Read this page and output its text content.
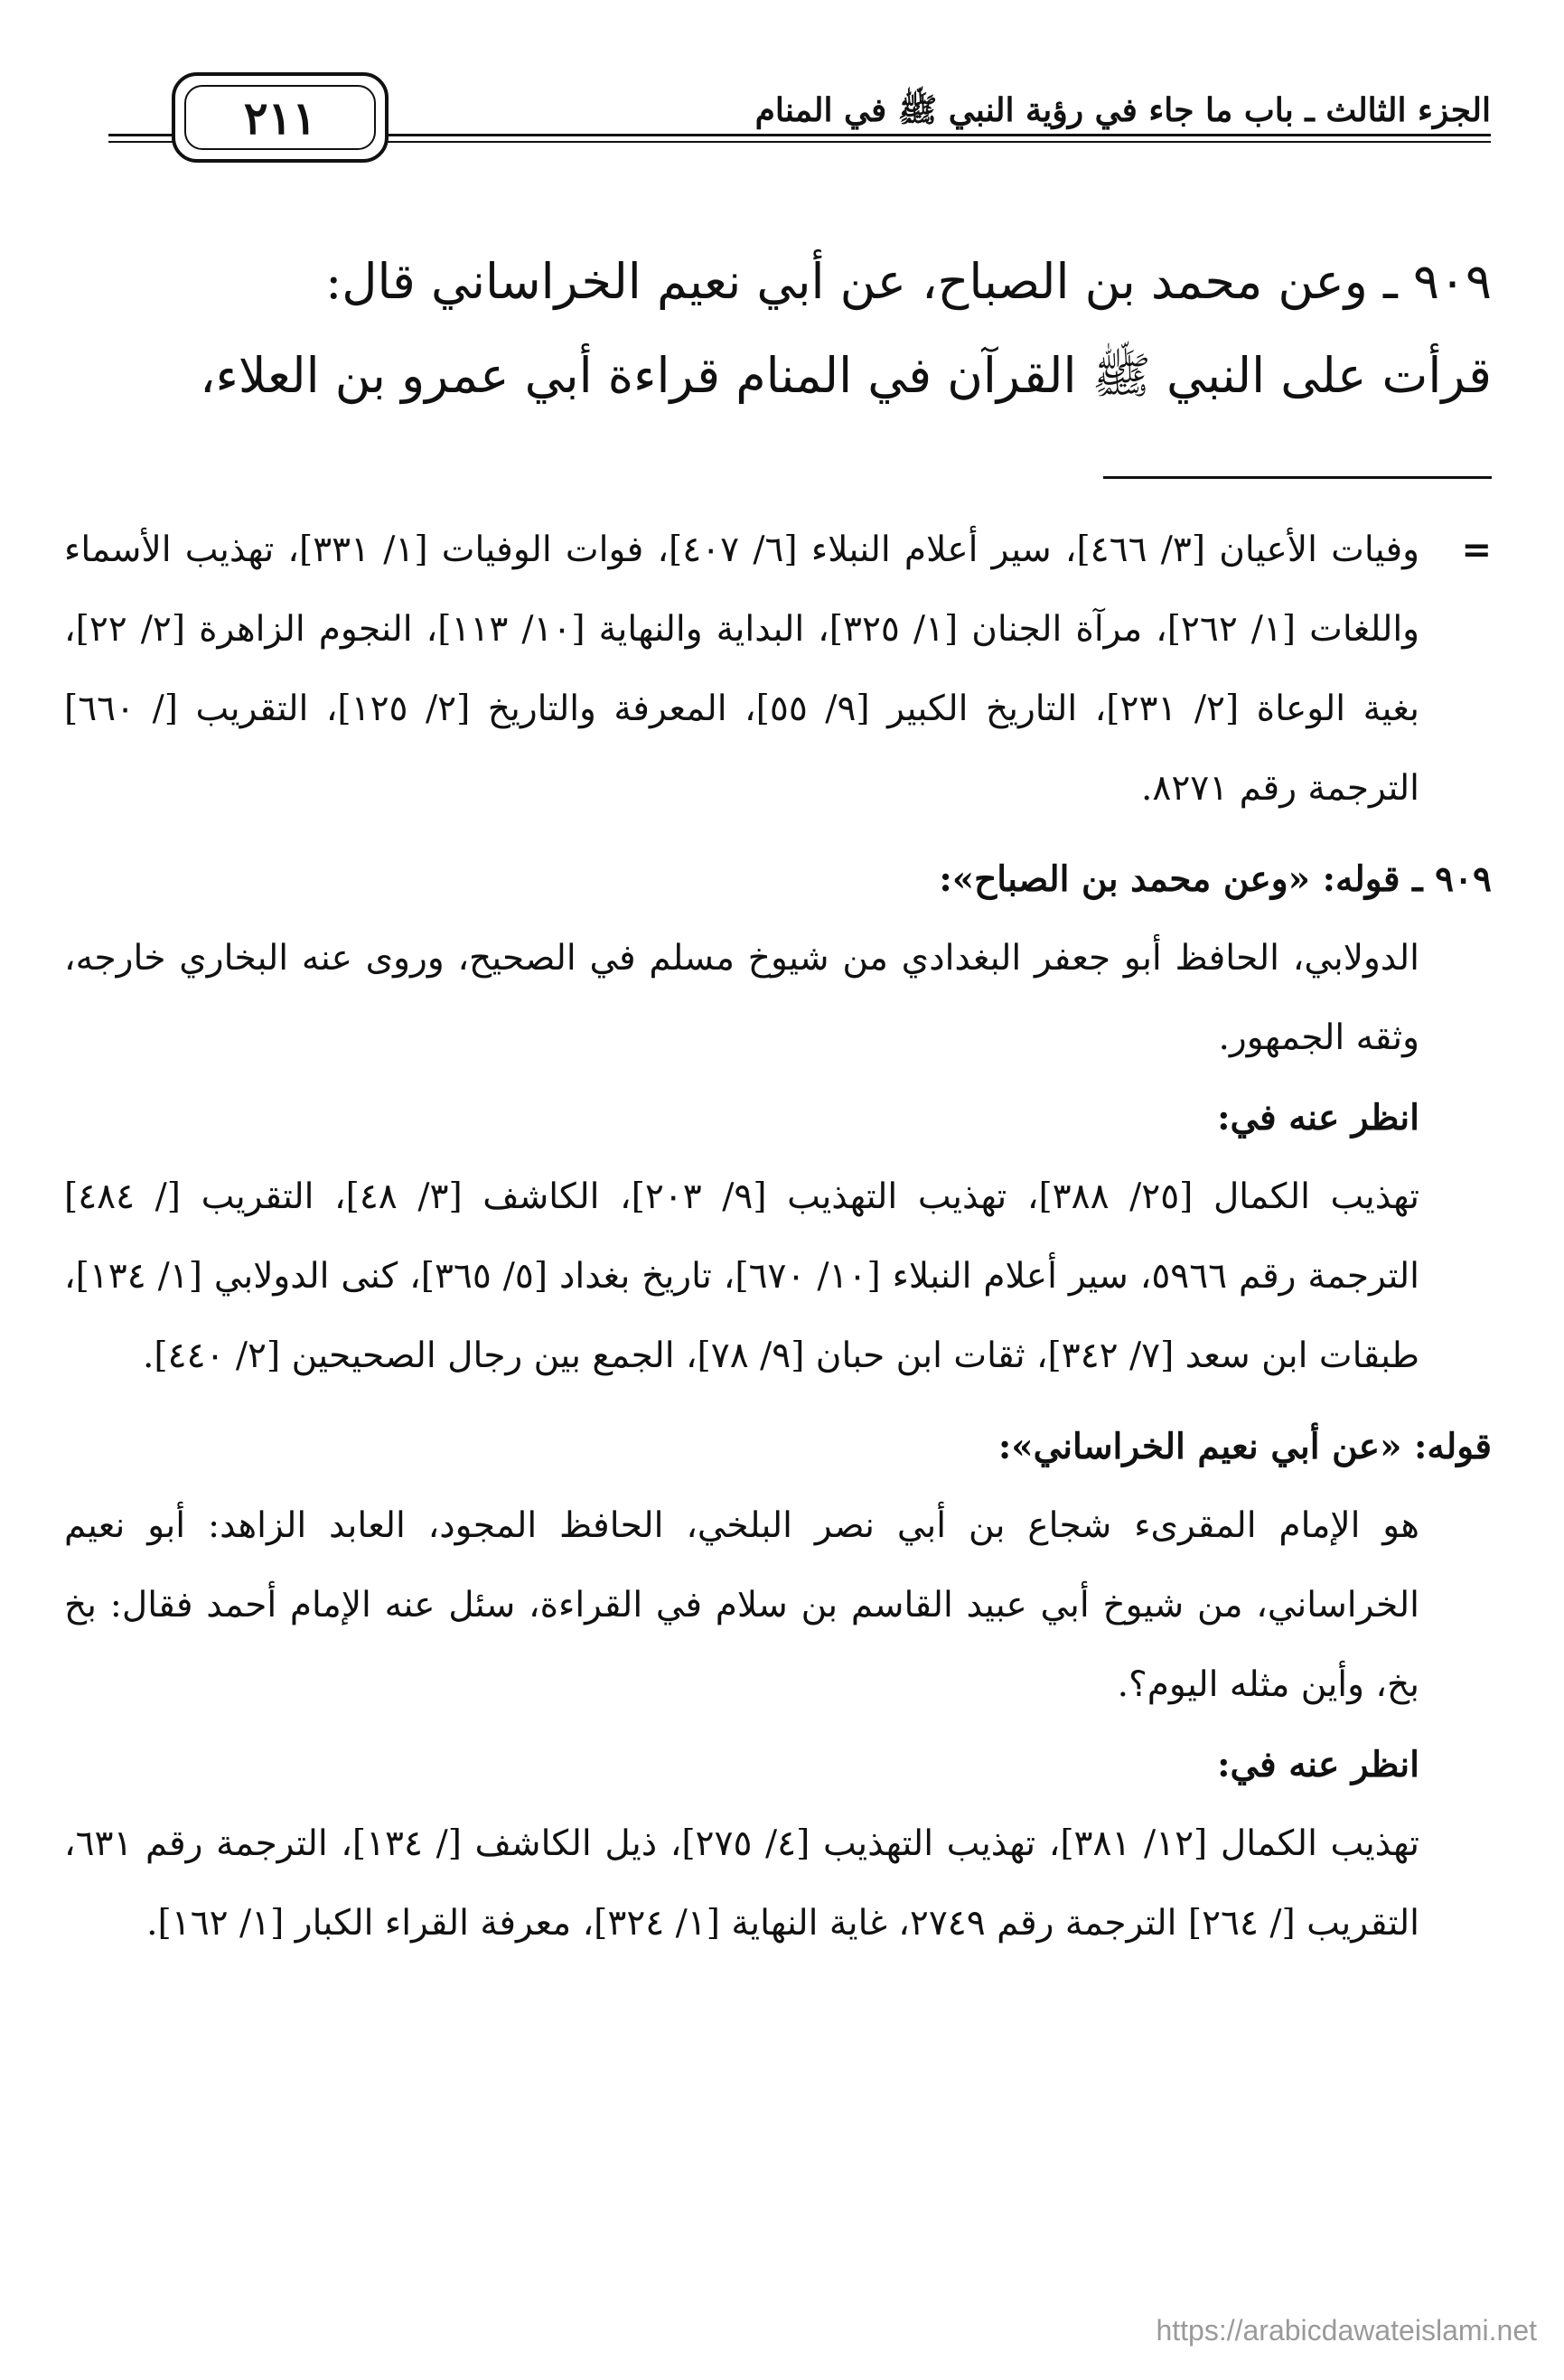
الجزء الثالث ـ باب ما جاء في رؤية النبي ﷺ في المنام
٢١١

٩٠٩ ـ وعن محمد بن الصباح، عن أبي نعيم الخراساني قال:

قرأت على النبي ﷺ القرآن في المنام قراءة أبي عمرو بن العلاء،

=

وفيات الأعيان [٣/ ٤٦٦]، سير أعلام النبلاء [٦/ ٤٠٧]، فوات الوفيات [١/ ٣٣١]، تهذيب الأسماء واللغات [١/ ٢٦٢]، مرآة الجنان [١/ ٣٢٥]، البداية والنهاية [١٠/ ١١٣]، النجوم الزاهرة [٢/ ٢٢]، بغية الوعاة [٢/ ٢٣١]، التاريخ الكبير [٩/ ٥٥]، المعرفة والتاريخ [٢/ ١٢٥]، التقريب [/ ٦٦٠] الترجمة رقم ٨٢٧١.

٩٠٩ ـ قوله: «وعن محمد بن الصباح»:

الدولابي، الحافظ أبو جعفر البغدادي من شيوخ مسلم في الصحيح، وروى عنه البخاري خارجه، وثقه الجمهور.

انظر عنه في:

تهذيب الكمال [٢٥/ ٣٨٨]، تهذيب التهذيب [٩/ ٢٠٣]، الكاشف [٣/ ٤٨]، التقريب [/ ٤٨٤] الترجمة رقم ٥٩٦٦، سير أعلام النبلاء [١٠/ ٦٧٠]، تاريخ بغداد [٥/ ٣٦٥]، كنى الدولابي [١/ ١٣٤]، طبقات ابن سعد [٧/ ٣٤٢]، ثقات ابن حبان [٩/ ٧٨]، الجمع بين رجال الصحيحين [٢/ ٤٤٠].

قوله: «عن أبي نعيم الخراساني»:

هو الإمام المقرىء شجاع بن أبي نصر البلخي، الحافظ المجود، العابد الزاهد: أبو نعيم الخراساني، من شيوخ أبي عبيد القاسم بن سلام في القراءة، سئل عنه الإمام أحمد فقال: بخ بخ، وأين مثله اليوم؟.

انظر عنه في:

تهذيب الكمال [١٢/ ٣٨١]، تهذيب التهذيب [٤/ ٢٧٥]، ذيل الكاشف [/ ١٣٤]، الترجمة رقم ٦٣١، التقريب [/ ٢٦٤] الترجمة رقم ٢٧٤٩، غاية النهاية [١/ ٣٢٤]، معرفة القراء الكبار [١/ ١٦٢].

https://arabicdawateislami.net
